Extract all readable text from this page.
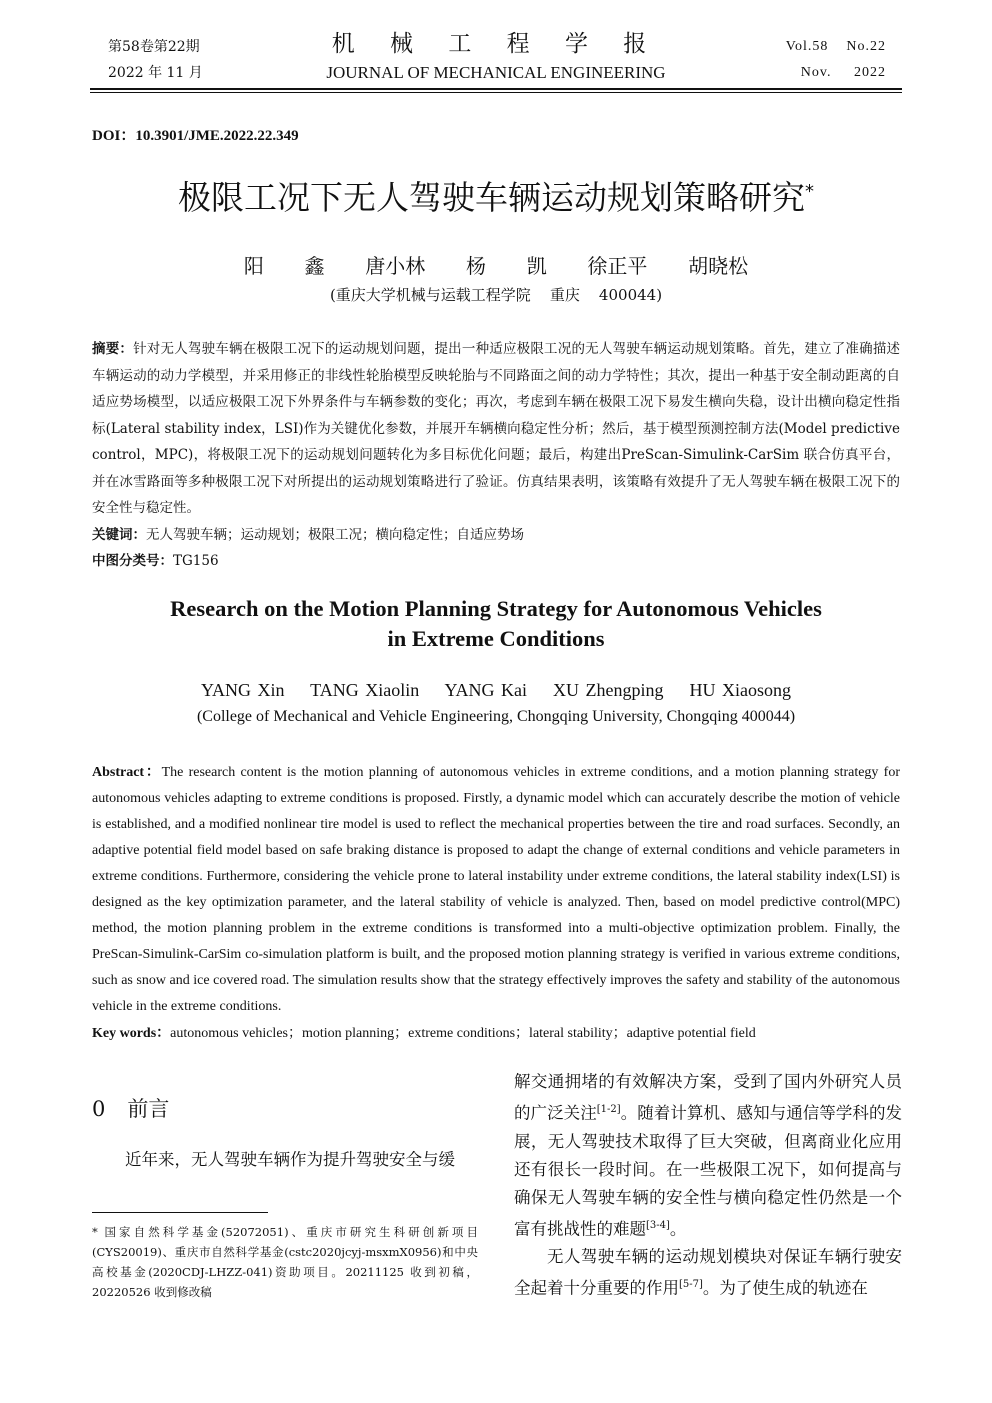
第58卷第22期
2022 年 11 月
机 械 工 程 学 报
JOURNAL OF MECHANICAL ENGINEERING
Vol.58    No.22
Nov.     2022
DOI：10.3901/JME.2022.22.349
极限工况下无人驾驶车辆运动规划策略研究*
阳  鑫  唐小林  杨  凯  徐正平  胡晓松
(重庆大学机械与运载工程学院    重庆    400044)
摘要：针对无人驾驶车辆在极限工况下的运动规划问题，提出一种适应极限工况的无人驾驶车辆运动规划策略。首先，建立了准确描述车辆运动的动力学模型，并采用修正的非线性轮胎模型反映轮胎与不同路面之间的动力学特性；其次，提出一种基于安全制动距离的自适应势场模型，以适应极限工况下外界条件与车辆参数的变化；再次，考虑到车辆在极限工况下易发生横向失稳，设计出横向稳定性指标(Lateral stability index，LSI)作为关键优化参数，并展开车辆横向稳定性分析；然后，基于模型预测控制方法(Model predictive control，MPC)，将极限工况下的运动规划问题转化为多目标优化问题；最后，构建出PreScan-Simulink-CarSim 联合仿真平台，并在冰雪路面等多种极限工况下对所提出的运动规划策略进行了验证。仿真结果表明，该策略有效提升了无人驾驶车辆在极限工况下的安全性与稳定性。
关键词：无人驾驶车辆；运动规划；极限工况；横向稳定性；自适应势场
中图分类号：TG156
Research on the Motion Planning Strategy for Autonomous Vehicles
in Extreme Conditions
YANG Xin    TANG Xiaolin    YANG Kai    XU Zhengping    HU Xiaosong
(College of Mechanical and Vehicle Engineering, Chongqing University, Chongqing 400044)
Abstract：The research content is the motion planning of autonomous vehicles in extreme conditions, and a motion planning strategy for autonomous vehicles adapting to extreme conditions is proposed. Firstly, a dynamic model which can accurately describe the motion of vehicle is established, and a modified nonlinear tire model is used to reflect the mechanical properties between the tire and road surfaces. Secondly, an adaptive potential field model based on safe braking distance is proposed to adapt the change of external conditions and vehicle parameters in extreme conditions. Furthermore, considering the vehicle prone to lateral instability under extreme conditions, the lateral stability index(LSI) is designed as the key optimization parameter, and the lateral stability of vehicle is analyzed. Then, based on model predictive control(MPC) method, the motion planning problem in the extreme conditions is transformed into a multi-objective optimization problem. Finally, the PreScan-Simulink-CarSim co-simulation platform is built, and the proposed motion planning strategy is verified in various extreme conditions, such as snow and ice covered road. The simulation results show that the strategy effectively improves the safety and stability of the autonomous vehicle in the extreme conditions.
Key words：autonomous vehicles；motion planning；extreme conditions；lateral stability；adaptive potential field
0 前言
近年来，无人驾驶车辆作为提升驾驶安全与缓
* 国家自然科学基金(52072051)、重庆市研究生科研创新项目(CYS20019)、重庆市自然科学基金(cstc2020jcyj-msxmX0956)和中央高校基金(2020CDJ-LHZZ-041)资助项目。20211125 收到初稿，20220526 收到修改稿

解交通拥堵的有效解决方案，受到了国内外研究人员的广泛关注[1-2]。随着计算机、感知与通信等学科的发展，无人驾驶技术取得了巨大突破，但离商业化应用还有很长一段时间。在一些极限工况下，如何提高与确保无人驾驶车辆的安全性与横向稳定性仍然是一个富有挑战性的难题[3-4]。

无人驾驶车辆的运动规划模块对保证车辆行驶安全起着十分重要的作用[5-7]。为了使生成的轨迹在
